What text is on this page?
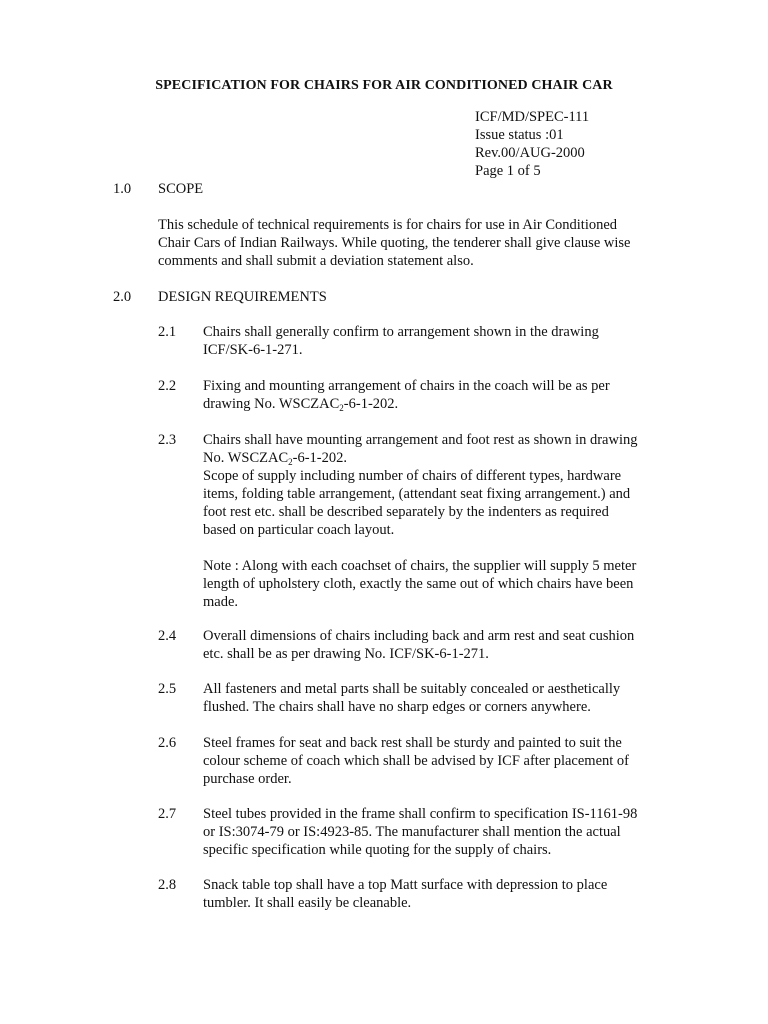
SPECIFICATION FOR CHAIRS FOR AIR CONDITIONED CHAIR CAR
ICF/MD/SPEC-111
Issue status :01
Rev.00/AUG-2000
Page 1 of 5
1.0 SCOPE
This schedule of technical requirements is for chairs for use in Air Conditioned
Chair Cars of Indian Railways. While quoting, the tenderer shall give clause wise
comments and shall submit a deviation statement also.
2.0 DESIGN REQUIREMENTS
2.1 Chairs shall generally confirm to arrangement shown in the drawing
ICF/SK-6-1-271.
2.2 Fixing and mounting arrangement of chairs in the coach will be as per
drawing No. $WSCZAC_2-6-1-202$.
2.3 Chairs shall have mounting arrangement and foot rest as shown in drawing
No. $WSCZAC_2-6-1-202$.
Scope of supply including number of chairs of different types, hardware
items, folding table arrangement, (attendant seat fixing arrangement.) and
foot rest etc. shall be described separately by the indenters as required
based on particular coach layout.
Note : Along with each coachset of chairs, the supplier will supply 5 meter
length of upholstery cloth, exactly the same out of which chairs have been
made.
2.4 Overall dimensions of chairs including back and arm rest and seat cushion
etc. shall be as per drawing No. ICF/SK-6-1-271.
2.5 All fasteners and metal parts shall be suitably concealed or aesthetically
flushed. The chairs shall have no sharp edges or corners anywhere.
2.6 Steel frames for seat and back rest shall be sturdy and painted to suit the
colour scheme of coach which shall be advised by ICF after placement of
purchase order.
2.7 Steel tubes provided in the frame shall confirm to specification IS-1161-98
or IS:3074-79 or IS:4923-85. The manufacturer shall mention the actual
specific specification while quoting for the supply of chairs.
2.8 Snack table top shall have a top Matt surface with depression to place
tumbler. It shall easily be cleanable.
